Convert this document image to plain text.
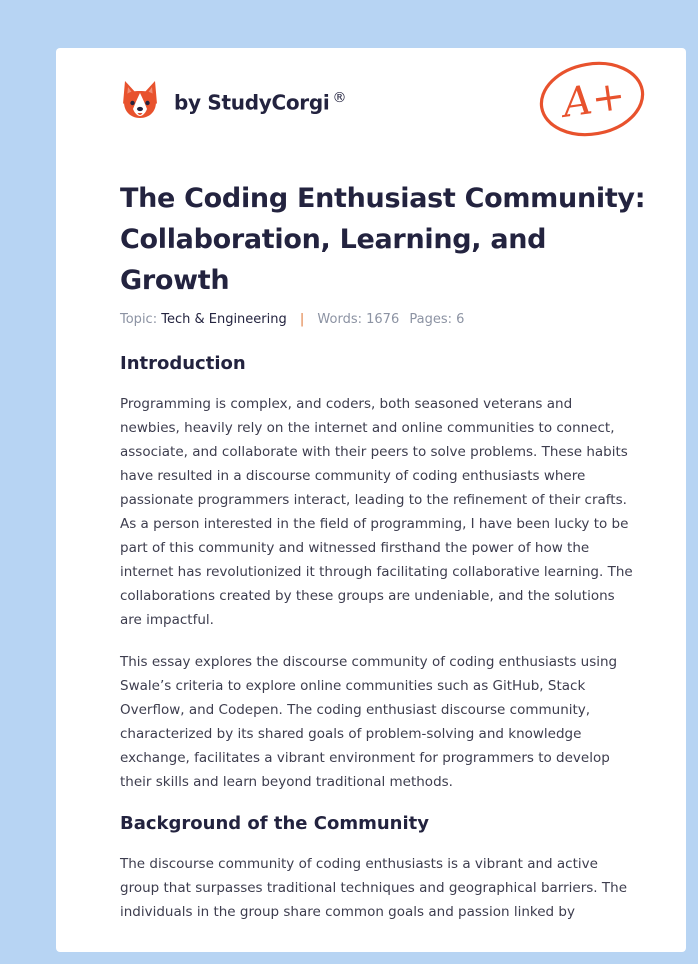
by StudyCorgi ®	A+
The Coding Enthusiast Community: Collaboration, Learning, and Growth
Topic: Tech & Engineering | Words: 1676 Pages: 6
Introduction

Programming is complex, and coders, both seasoned veterans and newbies, heavily rely on the internet and online communities to connect, associate, and collaborate with their peers to solve problems. These habits have resulted in a discourse community of coding enthusiasts where passionate programmers interact, leading to the refinement of their crafts. As a person interested in the field of programming, I have been lucky to be part of this community and witnessed firsthand the power of how the internet has revolutionized it through facilitating collaborative learning. The collaborations created by these groups are undeniable, and the solutions are impactful.

This essay explores the discourse community of coding enthusiasts using Swale’s criteria to explore online communities such as GitHub, Stack Overflow, and Codepen. The coding enthusiast discourse community, characterized by its shared goals of problem-solving and knowledge exchange, facilitates a vibrant environment for programmers to develop their skills and learn beyond traditional methods.

Background of the Community

The discourse community of coding enthusiasts is a vibrant and active group that surpasses traditional techniques and geographical barriers. The individuals in the group share common goals and passion linked by
